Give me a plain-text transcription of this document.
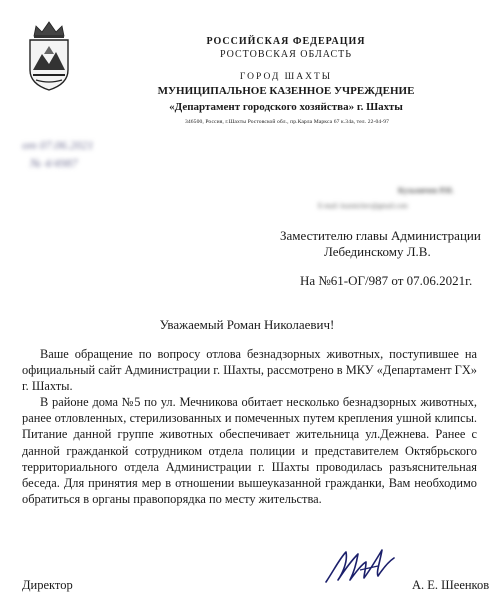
РОССИЙСКАЯ ФЕДЕРАЦИЯ
РОСТОВСКАЯ ОБЛАСТЬ
ГОРОД ШАХТЫ
МУНИЦИПАЛЬНОЕ КАЗЕННОЕ УЧРЕЖДЕНИЕ
«Департамент городского хозяйства» г. Шахты
346500, Россия, г.Шахты Ростовской обл., пр.Карла Маркса 67 к.34а, тел. 22-04-97
от 07.06.2021
№ 4/4987
Кузьмичев Р.Н.
E-mail: kuzmichev@gmail.com
Заместителю главы Администрации
Лебединскому Л.В.
На №61-ОГ/987 от 07.06.2021г.
Уважаемый Роман Николаевич!
Ваше обращение по вопросу отлова безнадзорных животных, поступившее на официальный сайт Администрации г. Шахты, рассмотрено в МКУ «Департамент ГХ» г. Шахты.
В районе дома №5 по ул. Мечникова обитает несколько безнадзорных животных, ранее отловленных, стерилизованных и помеченных путем крепления ушной клипсы. Питание данной группе животных обеспечивает жительница ул.Дежнева. Ранее с данной гражданкой сотрудником отдела полиции и представителем Октябрьского территориального отдела Администрации г. Шахты проводилась разъяснительная беседа. Для принятия мер в отношении вышеуказанной гражданки, Вам необходимо обратиться в органы правопорядка по месту жительства.
Директор	А. Е. Шеенков
